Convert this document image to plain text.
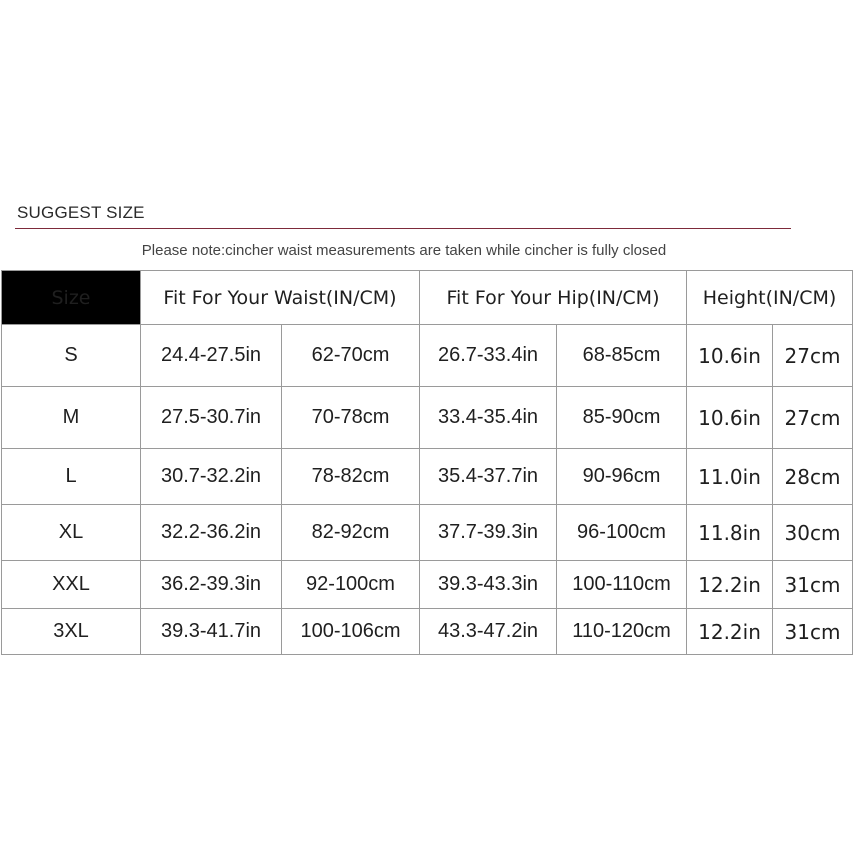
SUGGEST SIZE
Please note:cincher waist measurements are taken while cincher is fully closed
Size	Fit For Your Waist(IN/CM)		Fit For Your Hip(IN/CM)		Height(IN/CM)	
S	24.4-27.5in	62-70cm	26.7-33.4in	68-85cm	10.6in	27cm
M	27.5-30.7in	70-78cm	33.4-35.4in	85-90cm	10.6in	27cm
L	30.7-32.2in	78-82cm	35.4-37.7in	90-96cm	11.0in	28cm
XL	32.2-36.2in	82-92cm	37.7-39.3in	96-100cm	11.8in	30cm
XXL	36.2-39.3in	92-100cm	39.3-43.3in	100-110cm	12.2in	31cm
3XL	39.3-41.7in	100-106cm	43.3-47.2in	110-120cm	12.2in	31cm
